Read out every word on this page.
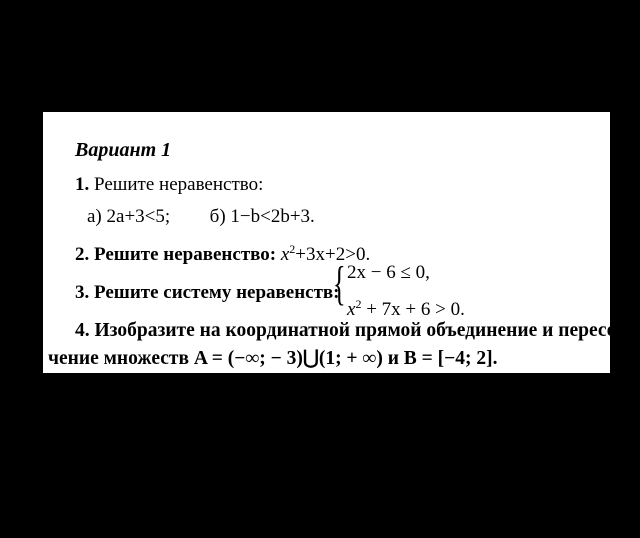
Вариант 1
1. Решите неравенство:
а) 2a+3<5; б) 1−b<2b+3.
2. Решите неравенство: $x^2+3x+2>0$.
3. Решите систему неравенств:
{ 2x − 6 ≤ 0,
$x^2 + 7x + 6 > 0$.
4. Изобразите на координатной прямой объединение и пересе-
чение множеств A = (−∞; − 3)⋃(1; + ∞) и B = [−4; 2].
